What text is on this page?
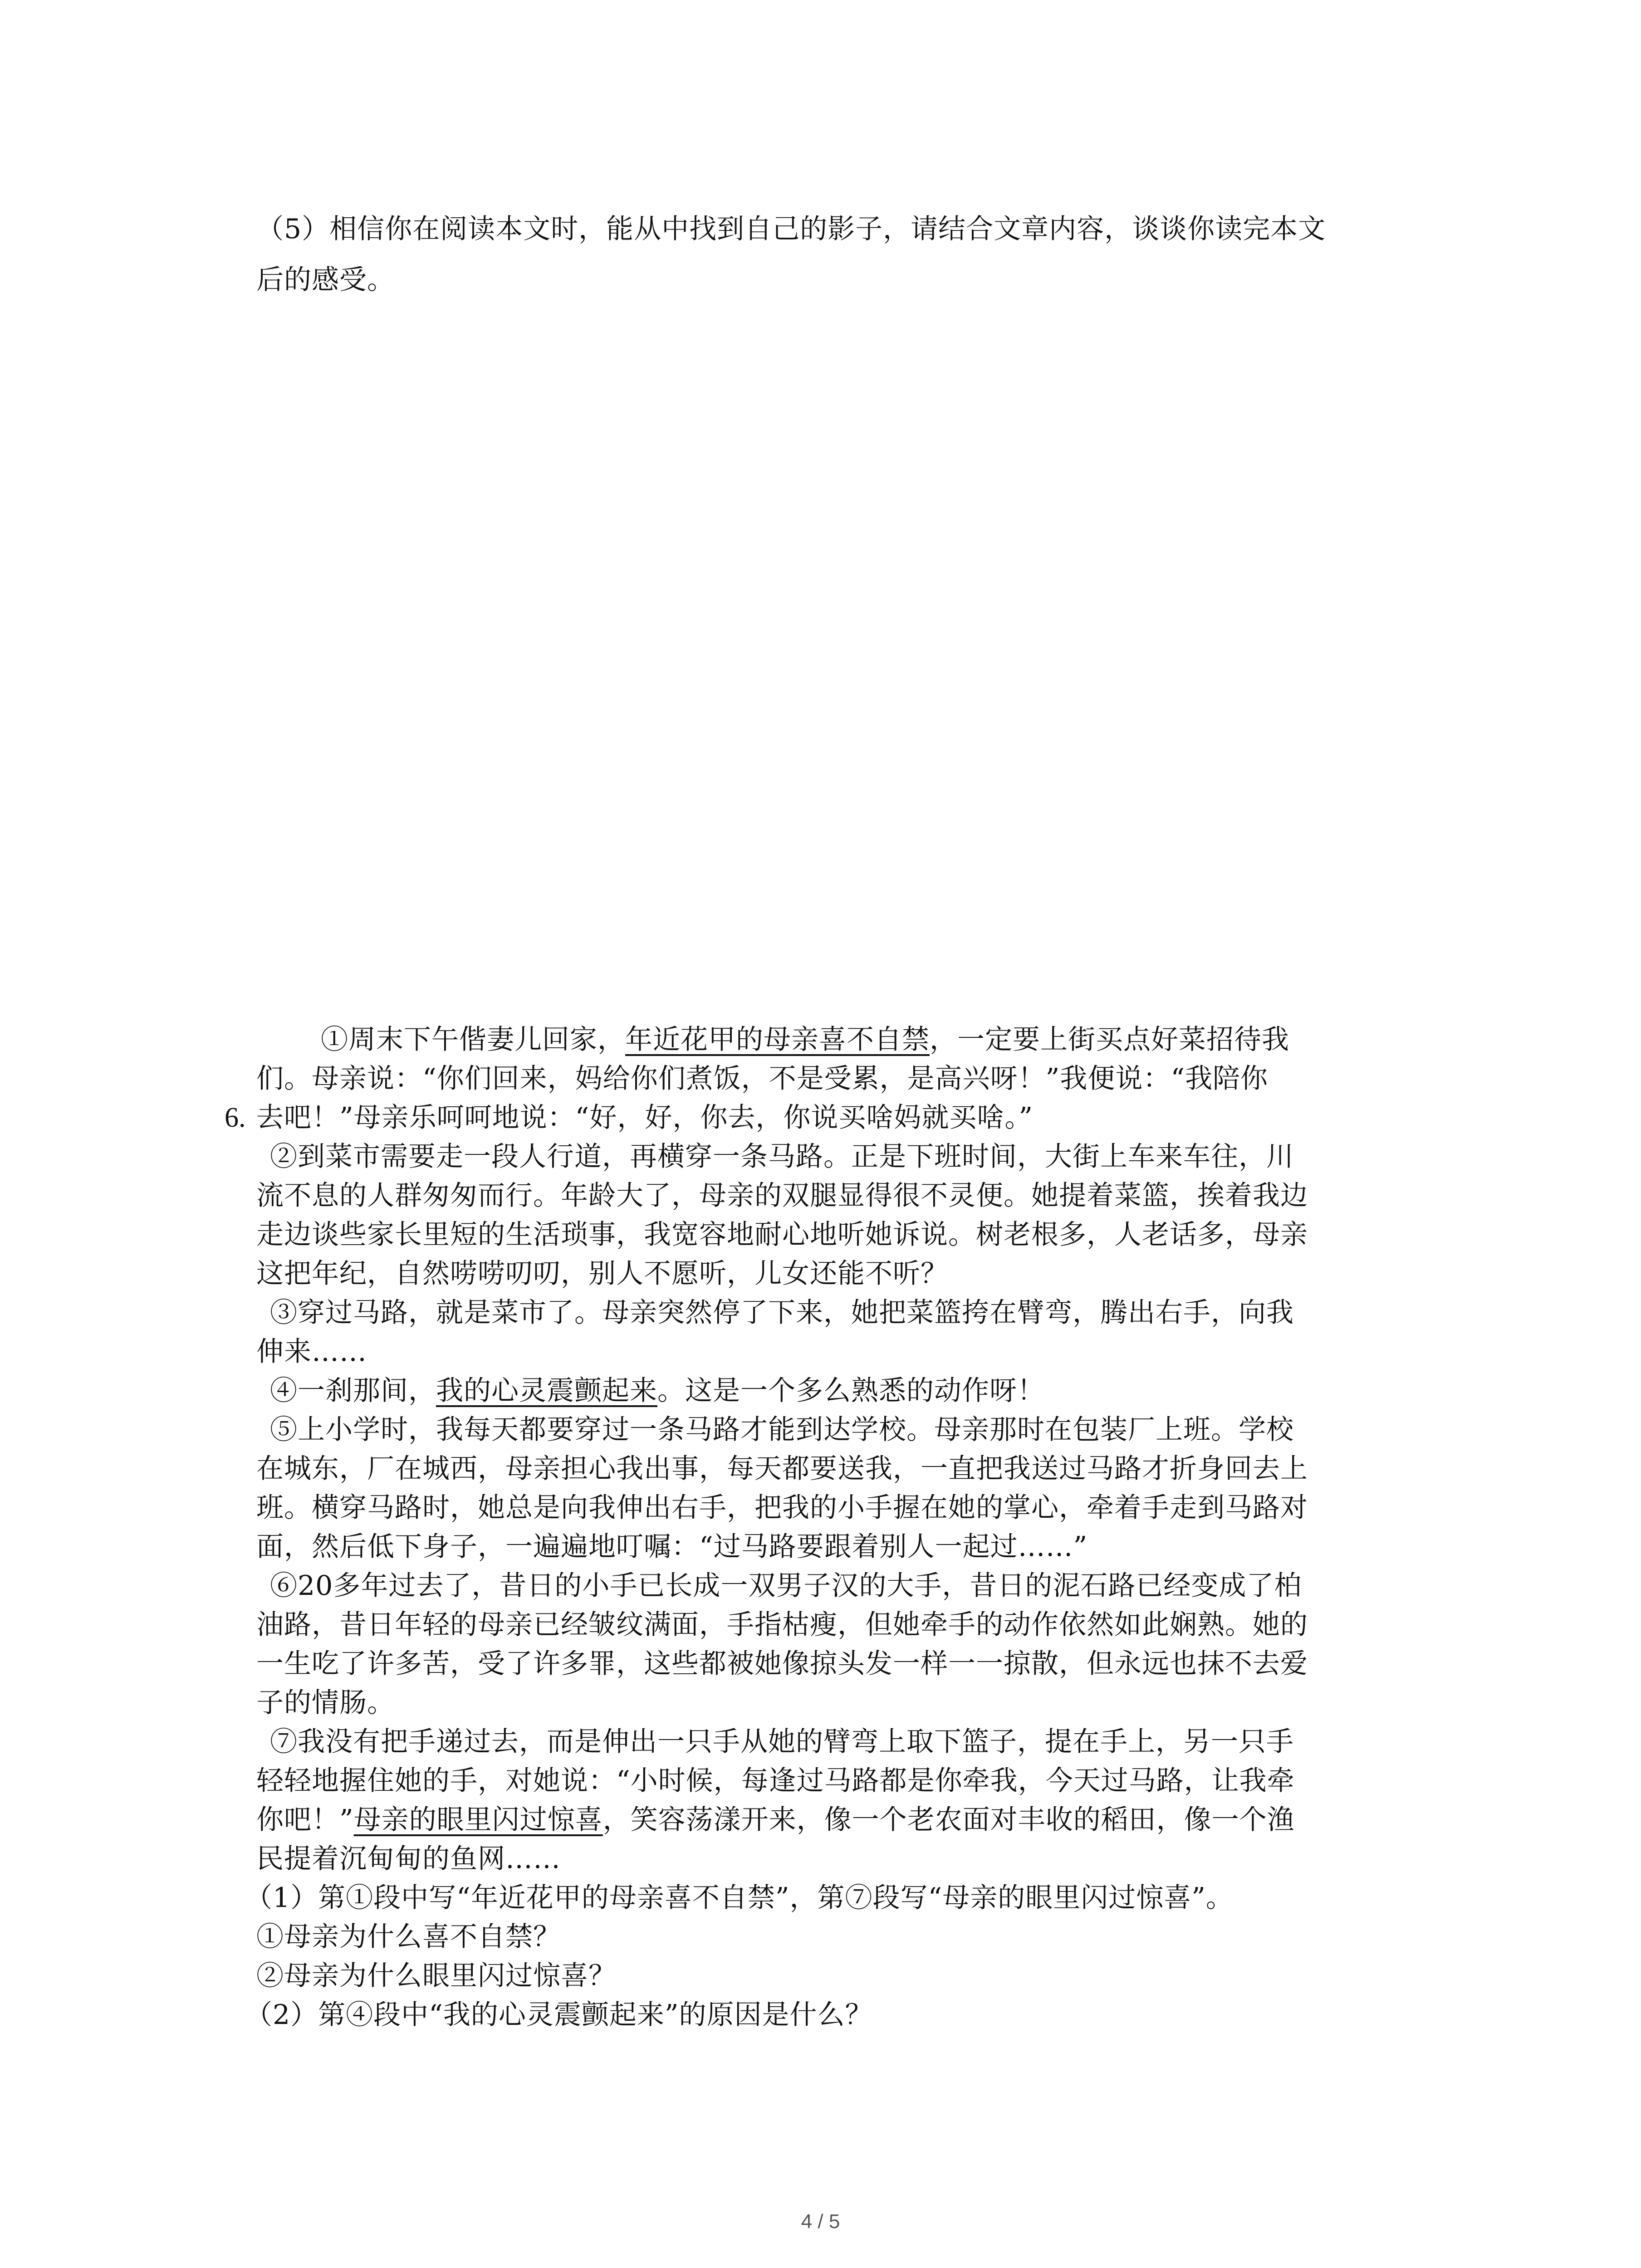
（5）相信你在阅读本文时，能从中找到自己的影子，请结合文章内容，谈谈你读完本文
后的感受。
6.
①周末下午偕妻儿回家，年近花甲的母亲喜不自禁，一定要上街买点好菜招待我
们。母亲说：“你们回来，妈给你们煮饭，不是受累，是高兴呀！”我便说：“我陪你
去吧！”母亲乐呵呵地说：“好，好，你去，你说买啥妈就买啥。”
②到菜市需要走一段人行道，再横穿一条马路。正是下班时间，大街上车来车往，川
流不息的人群匆匆而行。年龄大了，母亲的双腿显得很不灵便。她提着菜篮，挨着我边
走边谈些家长里短的生活琐事，我宽容地耐心地听她诉说。树老根多，人老话多，母亲
这把年纪，自然唠唠叨叨，别人不愿听，儿女还能不听？
③穿过马路，就是菜市了。母亲突然停了下来，她把菜篮挎在臂弯，腾出右手，向我
伸来……
④一刹那间，我的心灵震颤起来。这是一个多么熟悉的动作呀！
⑤上小学时，我每天都要穿过一条马路才能到达学校。母亲那时在包装厂上班。学校
在城东，厂在城西，母亲担心我出事，每天都要送我，一直把我送过马路才折身回去上
班。横穿马路时，她总是向我伸出右手，把我的小手握在她的掌心，牵着手走到马路对
面，然后低下身子，一遍遍地叮嘱：“过马路要跟着别人一起过……”
⑥20多年过去了，昔日的小手已长成一双男子汉的大手，昔日的泥石路已经变成了柏
油路，昔日年轻的母亲已经皱纹满面，手指枯瘦，但她牵手的动作依然如此娴熟。她的
一生吃了许多苦，受了许多罪，这些都被她像掠头发一样一一掠散，但永远也抹不去爱
子的情肠。
⑦我没有把手递过去，而是伸出一只手从她的臂弯上取下篮子，提在手上，另一只手
轻轻地握住她的手，对她说：“小时候，每逢过马路都是你牵我，今天过马路，让我牵
你吧！”母亲的眼里闪过惊喜，笑容荡漾开来，像一个老农面对丰收的稻田，像一个渔
民提着沉甸甸的鱼网……
4 / 5
（1）第①段中写“年近花甲的母亲喜不自禁”，第⑦段写“母亲的眼里闪过惊喜”。
①母亲为什么喜不自禁？
②母亲为什么眼里闪过惊喜？
（2）第④段中“我的心灵震颤起来”的原因是什么？
